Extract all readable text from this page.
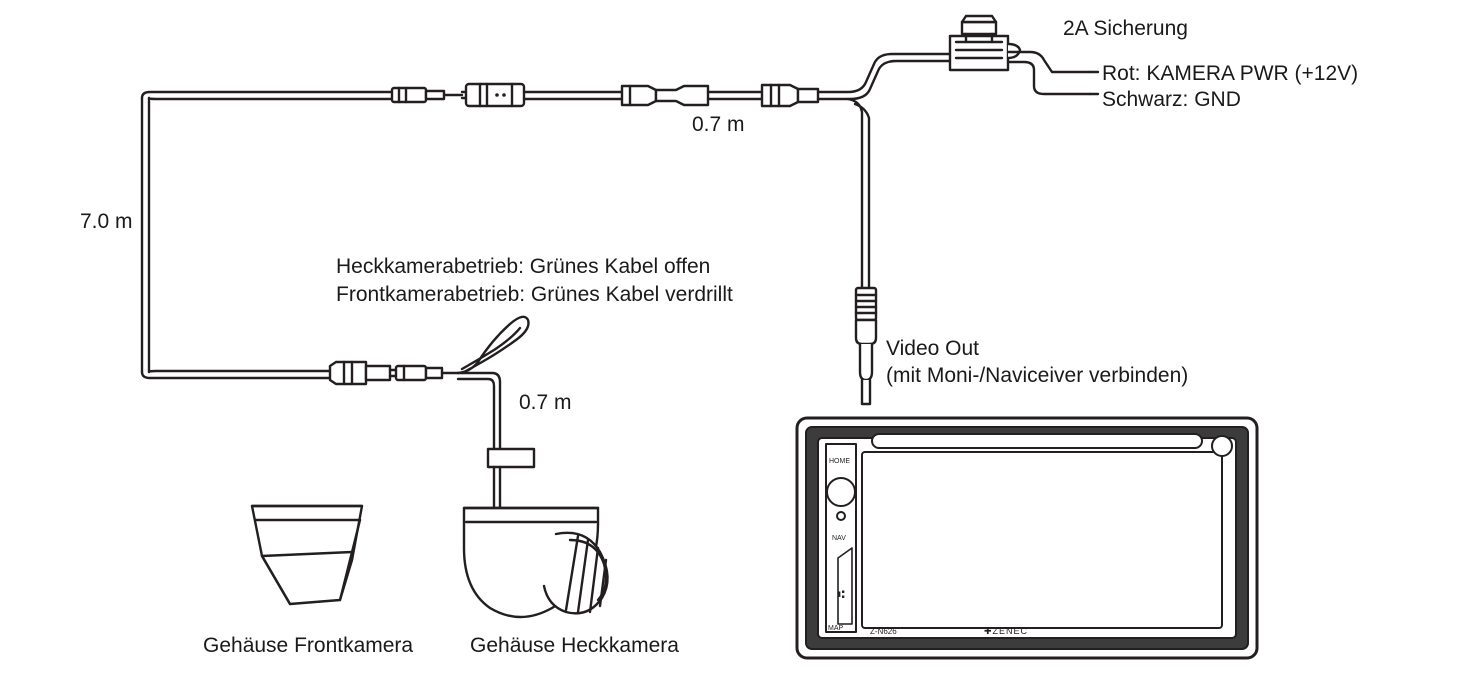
HOME
NAV
MAP
⑆
Z-N626	✚ZENEC
2A Sicherung
Rot: KAMERA PWR (+12V)
Schwarz: GND
0.7 m
7.0 m
Heckkamerabetrieb: Grünes Kabel offen
Frontkamerabetrieb: Grünes Kabel verdrillt
0.7 m
Video Out
(mit Moni-/Naviceiver verbinden)
Gehäuse Frontkamera	Gehäuse Heckkamera
